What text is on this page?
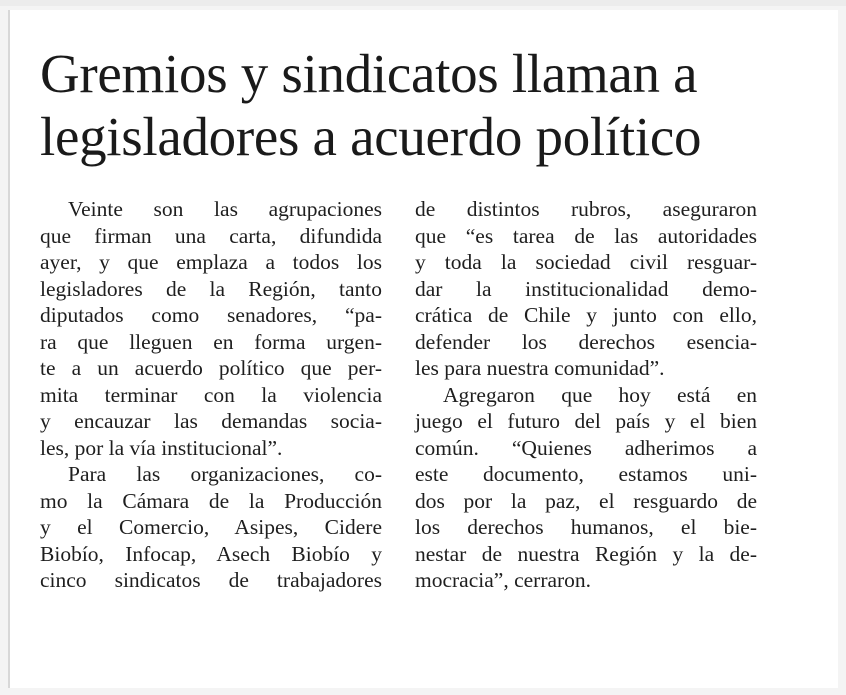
Gremios y sindicatos llaman a
legisladores a acuerdo político
Veinte son las agrupaciones
que firman una carta, difundida
ayer, y que emplaza a todos los
legisladores de la Región, tanto
diputados como senadores, “pa-
ra que lleguen en forma urgen-
te a un acuerdo político que per-
mita terminar con la violencia
y encauzar las demandas socia-
les, por la vía institucional”.
Para las organizaciones, co-
mo la Cámara de la Producción
y el Comercio, Asipes, Cidere
Biobío, Infocap, Asech Biobío y
cinco sindicatos de trabajadores
de distintos rubros, aseguraron
que “es tarea de las autoridades
y toda la sociedad civil resguar-
dar la institucionalidad demo-
crática de Chile y junto con ello,
defender los derechos esencia-
les para nuestra comunidad”.
Agregaron que hoy está en
juego el futuro del país y el bien
común. “Quienes adherimos a
este documento, estamos uni-
dos por la paz, el resguardo de
los derechos humanos, el bie-
nestar de nuestra Región y la de-
mocracia”, cerraron.
